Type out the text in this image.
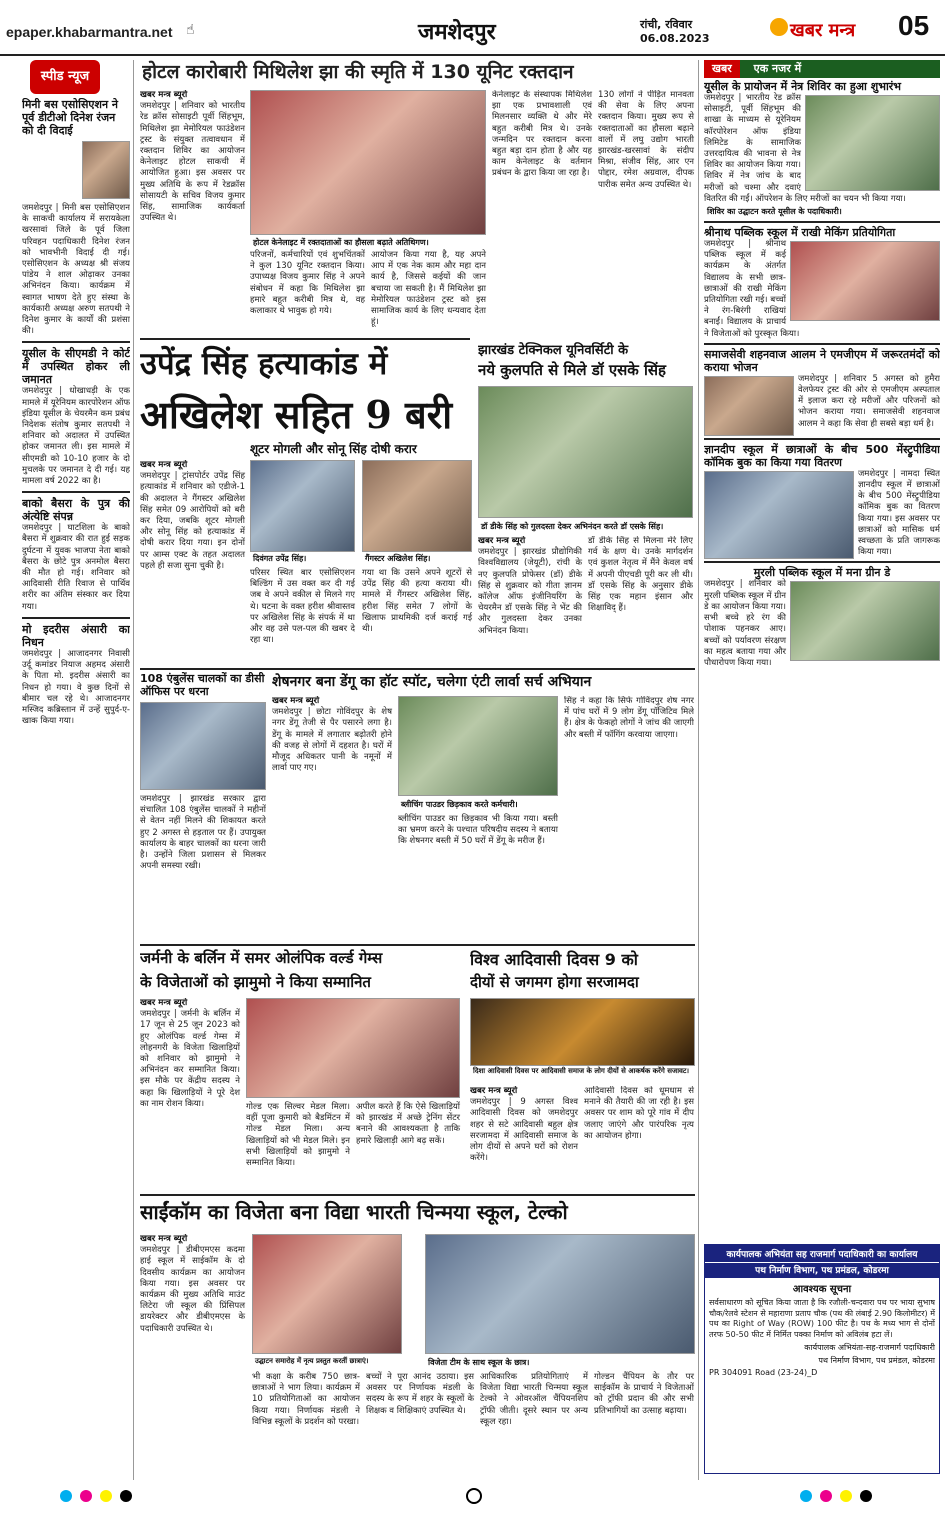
epaper.khabarmantra.net ☝	जमशेदपुर	रांची, रविवार
06.08.2023	खबर मन्त्र 05
स्पीड न्यूज
मिनी बस एसोसिएशन ने पूर्व डीटीओ दिनेश रंजन को दी विदाई
जमशेदपुर | मिनी बस एसोसिएशन के साकची कार्यालय में सरायकेला खरसावां जिले के पूर्व जिला परिवहन पदाधिकारी दिनेश रंजन को भावभीनी विदाई दी गई। एसोसिएशन के अध्यक्ष श्री संजय पांडेय ने शाल ओढ़ाकर उनका अभिनंदन किया। कार्यक्रम में स्वागत भाषण देते हुए संस्था के कार्यकारी अध्यक्ष अरुण सतपथी ने दिनेश कुमार के कार्यों की प्रशंसा की।
यूसील के सीएमडी ने कोर्ट में उपस्थित होकर ली जमानत
जमशेदपुर | धोखाधड़ी के एक मामले में यूरेनियम कारपोरेशन ऑफ इंडिया यूसील के चेयरमैन कम प्रबंध निदेशक संतोष कुमार सतपथी ने शनिवार को अदालत में उपस्थित होकर जमानत ली। इस मामले में सीएमडी को 10-10 हजार के दो मुचलके पर जमानत दे दी गई। यह मामला वर्ष 2022 का है।
बाको बैसरा के पुत्र की अंत्येष्टि संपन्न
जमशेदपुर | घाटशिला के बाको बैसरा में शुक्रवार की रात हुई सड़क दुर्घटना में युवक भाजपा नेता बाको बैसरा के छोटे पुत्र अनमोल बैसरा की मौत हो गई। शनिवार को आदिवासी रीति रिवाज से पार्थिव शरीर का अंतिम संस्कार कर दिया गया।
मो इदरीस अंसारी का निधन
जमशेदपुर | आजादनगर निवासी उर्दू कमांडर नियाज अहमद अंसारी के पिता मो. इदरीस अंसारी का निधन हो गया। वे कुछ दिनों से बीमार चल रहे थे। आजादनगर मस्जिद कब्रिस्तान में उन्हें सुपुर्द-ए-खाक किया गया।
होटल कारोबारी मिथिलेश झा की स्मृति में 130 यूनिट रक्तदान
खबर मन्त्र ब्यूरो
जमशेदपुर | शनिवार को भारतीय रेड क्रॉस सोसाइटी पूर्वी सिंहभूम, मिथिलेश झा मेमोरियल फाउंडेशन ट्रस्ट के संयुक्त तत्वावधान में रक्तदान शिविर का आयोजन केनेलाइट होटल साकची में आयोजित हुआ। इस अवसर पर मुख्य अतिथि के रूप में रेडक्रॉस सोसायटी के सचिव विजय कुमार सिंह, सामाजिक कार्यकर्ता उपस्थित थे।
होटल केनेलाइट में रक्तदाताओं का हौसला बढ़ाते अतिथिगण।
परिजनों, कर्मचारियों एवं शुभचिंतकों ने कुल 130 यूनिट रक्तदान किया। उपाध्यक्ष विजय कुमार सिंह ने अपने संबोधन में कहा कि मिथिलेश झा हमारे बहुत करीबी मित्र थे, वह कलाकार थे भावुक हो गये।
आयोजन किया गया है, यह अपने आप में एक नेक काम और महा दान कार्य है, जिससे कईयों की जान बचाया जा सकती है। मैं मिथिलेश झा मेमोरियल फाउंडेशन ट्रस्ट को इस सामाजिक कार्य के लिए धन्यवाद देता हूं।
केनेलाइट के संस्थापक मिथिलेश झा एक प्रभावशाली एवं मिलनसार व्यक्ति थे और मेरे बहुत करीबी मित्र थे। उनके जन्मदिन पर रक्तदान करना बहुत बड़ा दान होता है और यह काम केनेलाइट के वर्तमान प्रबंधन के द्वारा किया जा रहा है।
130 लोगों ने पीड़ित मानवता की सेवा के लिए अपना रक्तदान किया। मुख्य रूप से रक्तदाताओं का हौसला बढ़ाने वालों में लघु उद्योग भारती झारखंड-खरसावां के संदीप मिश्रा, संजीव सिंह, आर एन पोद्दार, रमेश अग्रवाल, दीपक पारीक समेत अन्य उपस्थित थे।
उपेंद्र सिंह हत्याकांड में
अखिलेश सहित 9 बरी
शूटर मोगली और सोनू सिंह दोषी करार
खबर मन्त्र ब्यूरो
जमशेदपुर | ट्रांसपोर्टर उपेंद्र सिंह हत्याकांड में शनिवार को एडीजे-1 की अदालत ने गैंगस्टर अखिलेश सिंह समेत 09 आरोपियों को बरी कर दिया, जबकि शूटर मोगली और सोनू सिंह को हत्याकांड में दोषी करार दिया गया। इन दोनों पर आम्स एक्ट के तहत अदालत पहले ही सजा सुना चुकी है।
दिवंगत उपेंद्र सिंह।	गैंगस्टर अखिलेश सिंह।
परिसर स्थित बार एसोसिएशन बिल्डिंग में उस वक्त कर दी गई जब वे अपने वकील से मिलने गए थे। घटना के वक्त हरीश श्रीवास्तव पर अखिलेश सिंह के संपर्क में था और वह उसे पल-पल की खबर दे रहा था।
गया था कि उसने अपने शूटरों से उपेंद्र सिंह की हत्या कराया थी। मामले में गैंगस्टर अखिलेश सिंह, हरीश सिंह समेत 7 लोगों के खिलाफ प्राथमिकी दर्ज कराई गई थी।
झारखंड टेक्निकल यूनिवर्सिटी के
नये कुलपति से मिले डॉ एसके सिंह
डॉ डीके सिंह को गुलदस्ता देकर अभिनंदन करते डॉ एसके सिंह।
खबर मन्त्र ब्यूरो
जमशेदपुर | झारखंड प्रौद्योगिकी विश्वविद्यालय (जेयूटी), रांची के नए कुलपति प्रोफेसर (डॉ) डीके सिंह से शुक्रवार को गीता ज्ञानम कॉलेज ऑफ इंजीनियरिंग के चेयरमैन डॉ एसके सिंह ने भेंट की और गुलदस्ता देकर उनका अभिनंदन किया।
डॉ डीके सिंह से मिलना मेरे लिए गर्व के क्षण थे। उनके मार्गदर्शन एवं कुशल नेतृत्व में मैंने केवल वर्ष में अपनी पीएचडी पूरी कर ली थी। डॉ एसके सिंह के अनुसार डीके सिंह एक महान इंसान और शिक्षाविद् हैं।
108 एंबुलेंस चालकों का डीसी ऑफिस पर धरना
जमशेदपुर | झारखंड सरकार द्वारा संचालित 108 एंबुलेंस चालकों ने महीनों से वेतन नहीं मिलने की शिकायत करते हुए 2 अगस्त से हड़ताल पर हैं। उपायुक्त कार्यालय के बाहर चालकों का धरना जारी है। उन्होंने जिला प्रशासन से मिलकर अपनी समस्या रखी।
शेषनगर बना डेंगू का हॉट स्पॉट, चलेगा एंटी लार्वा सर्च अभियान
खबर मन्त्र ब्यूरो
जमशेदपुर | छोटा गोविंदपुर के शेष नगर डेंगू तेजी से पैर पसारने लगा है। डेंगू के मामले में लगातार बढ़ोतरी होने की वजह से लोगों में दहशत है। घरों में मौजूद अधिकतर पानी के नमूनों में लार्वा पाए गए।
ब्लीचिंग पाउडर छिड़काव करते कर्मचारी।
ब्लीचिंग पाउडर का छिड़काव भी किया गया। बस्ती का भ्रमण करने के पश्चात परिषदीय सदस्य ने बताया कि शेषनगर बस्ती में 50 घरों में डेंगू के मरीज हैं।
सिंह ने कहा कि सिर्फ गोविंदपुर शेष नगर में पांच घरों में 9 लोग डेंगू पॉजिटिव मिले हैं। क्षेत्र के फेकहो लोगों ने जांच की जाएगी और बस्ती में फॉगिंग करवाया जाएगा।
जर्मनी के बर्लिन में समर ओलंपिक वर्ल्ड गेम्स
के विजेताओं को झामुमो ने किया सम्मानित
खबर मन्त्र ब्यूरो
जमशेदपुर | जर्मनी के बर्लिन में 17 जून से 25 जून 2023 को हुए ओलंपिक वर्ल्ड गेम्स में लोहनगरी के विजेता खिलाड़ियों को शनिवार को झामुमो ने अभिनंदन कर सम्मानित किया। इस मौके पर केंद्रीय सदस्य ने कहा कि खिलाड़ियों ने पूरे देश का नाम रोशन किया।	गोल्ड एक सिल्वर मेडल मिला। वहीं पूजा कुमारी को बैडमिंटन में गोल्ड मेडल मिला। अन्य खिलाड़ियों को भी मेडल मिले। इन सभी खिलाड़ियों को झामुमो ने सम्मानित किया।
अपील करते हैं कि ऐसे खिलाड़ियों को झारखंड में अच्छे ट्रेनिंग सेंटर बनाने की आवश्यकता है ताकि हमारे खिलाड़ी आगे बढ़ सकें।
विश्व आदिवासी दिवस 9 को
दीयों से जगमग होगा सरजामदा
दिशा आदिवासी दिवस पर आदिवासी समाज के लोग दीयों से आकर्षक करेंगे सजावट।
खबर मन्त्र ब्यूरो
जमशेदपुर | 9 अगस्त विश्व आदिवासी दिवस को जमशेदपुर शहर से सटे आदिवासी बहुल क्षेत्र सरजामदा में आदिवासी समाज के लोग दीयों से अपने घरों को रोशन करेंगे।
आदिवासी दिवस को धूमधाम से मनाने की तैयारी की जा रही है। इस अवसर पर शाम को पूरे गांव में दीप जलाए जाएंगे और पारंपरिक नृत्य का आयोजन होगा।
साईंकॉम का विजेता बना विद्या भारती चिन्मया स्कूल, टेल्को
खबर मन्त्र ब्यूरो
जमशेदपुर | डीबीएमएस कदमा हाई स्कूल में साईकॉम के दो दिवसीय कार्यक्रम का आयोजन किया गया। इस अवसर पर कार्यक्रम की मुख्य अतिथि माउंट लिटेरा जी स्कूल की प्रिंसिपल डायरेक्टर और डीबीएमएस के पदाधिकारी उपस्थित थे।
उद्घाटन समारोह में नृत्य प्रस्तुत करतीं छात्राएं।	विजेता टीम के साथ स्कूल के छात्र।
भी कक्षा के करीब 750 छात्र-छात्राओं ने भाग लिया। कार्यक्रम में 10 प्रतियोगिताओं का आयोजन किया गया। निर्णायक मंडली ने विभिन्न स्कूलों के प्रदर्शन को परखा।
बच्चों ने पूरा आनंद उठाया। इस अवसर पर निर्णायक मंडली के सदस्य के रूप में शहर के स्कूलों के शिक्षक व शिक्षिकाएं उपस्थित थे।
आधिकारिक प्रतियोगिताएं में विजेता विद्या भारती चिन्मया स्कूल टेल्को ने ओवरऑल चैंपियनशिप ट्रॉफी जीती। दूसरे स्थान पर अन्य स्कूल रहा।
गोल्डन चैंपियन के तौर पर साईकॉम के प्राचार्य ने विजेताओं को ट्रॉफी प्रदान की और सभी प्रतिभागियों का उत्साह बढ़ाया।
खबर एक नजर में
यूसील के प्रायोजन में नेत्र शिविर का हुआ शुभारंभ
जमशेदपुर | भारतीय रेड क्रॉस सोसाइटी, पूर्वी सिंहभूम की शाखा के माध्यम से यूरेनियम कॉरपोरेशन ऑफ इंडिया लिमिटेड के सामाजिक उत्तरदायित्व की भावना से नेत्र शिविर का आयोजन किया गया। शिविर में नेत्र जांच के बाद मरीजों को चश्मा और दवाएं वितरित की गईं। ऑपरेशन के लिए मरीजों का चयन भी किया गया।
शिविर का उद्घाटन करते यूसील के पदाधिकारी।
श्रीनाथ पब्लिक स्कूल में राखी मेकिंग प्रतियोगिता
जमशेदपुर | श्रीनाथ पब्लिक स्कूल में कई कार्यक्रम के अंतर्गत विद्यालय के सभी छात्र-छात्राओं की राखी मेकिंग प्रतियोगिता रखी गई। बच्चों ने रंग-बिरंगी राखियां बनाईं। विद्यालय के प्राचार्य ने विजेताओं को पुरस्कृत किया।
समाजसेवी शहनवाज आलम ने एमजीएम में जरूरतमंदों को कराया भोजन
जमशेदपुर | शनिवार 5 अगस्त को हुमैरा वेलफेयर ट्रस्ट की ओर से एमजीएम अस्पताल में इलाज करा रहे मरीजों और परिजनों को भोजन कराया गया। समाजसेवी शहनवाज आलम ने कहा कि सेवा ही सबसे बड़ा धर्म है।
ज्ञानदीप स्कूल में छात्राओं के बीच 500 मेंस्ट्रुपीडिया कॉमिक बुक का किया गया वितरण
जमशेदपुर | नामदा स्थित ज्ञानदीप स्कूल में छात्राओं के बीच 500 मेंस्ट्रुपीडिया कॉमिक बुक का वितरण किया गया। इस अवसर पर छात्राओं को मासिक धर्म स्वच्छता के प्रति जागरूक किया गया।
मुरली पब्लिक स्कूल में मना ग्रीन डे
जमशेदपुर | शनिवार को मुरली पब्लिक स्कूल में ग्रीन डे का आयोजन किया गया। सभी बच्चे हरे रंग की पोशाक पहनकर आए। बच्चों को पर्यावरण संरक्षण का महत्व बताया गया और पौधारोपण किया गया।
कार्यपालक अभियंता सह राजमार्ग पदाधिकारी का कार्यालय
पथ निर्माण विभाग, पथ प्रमंडल, कोडरमा
आवश्यक सूचना
सर्वसाधारण को सूचित किया जाता है कि रजौली-चन्दवारा पथ पर भाया सुभाष चौक/रेलवे स्टेशन से महाराणा प्रताप चौक (पथ की लंबाई 2.90 किलोमीटर) में पथ का Right of Way (ROW) 100 फीट है। पथ के मध्य भाग से दोनों तरफ 50-50 फीट में निर्मित पक्का निर्माण को अविलंब हटा लें।
कार्यपालक अभियंता-सह-राजमार्ग पदाधिकारी
पथ निर्माण विभाग, पथ प्रमंडल, कोडरमा
PR 304091 Road (23-24)_D
